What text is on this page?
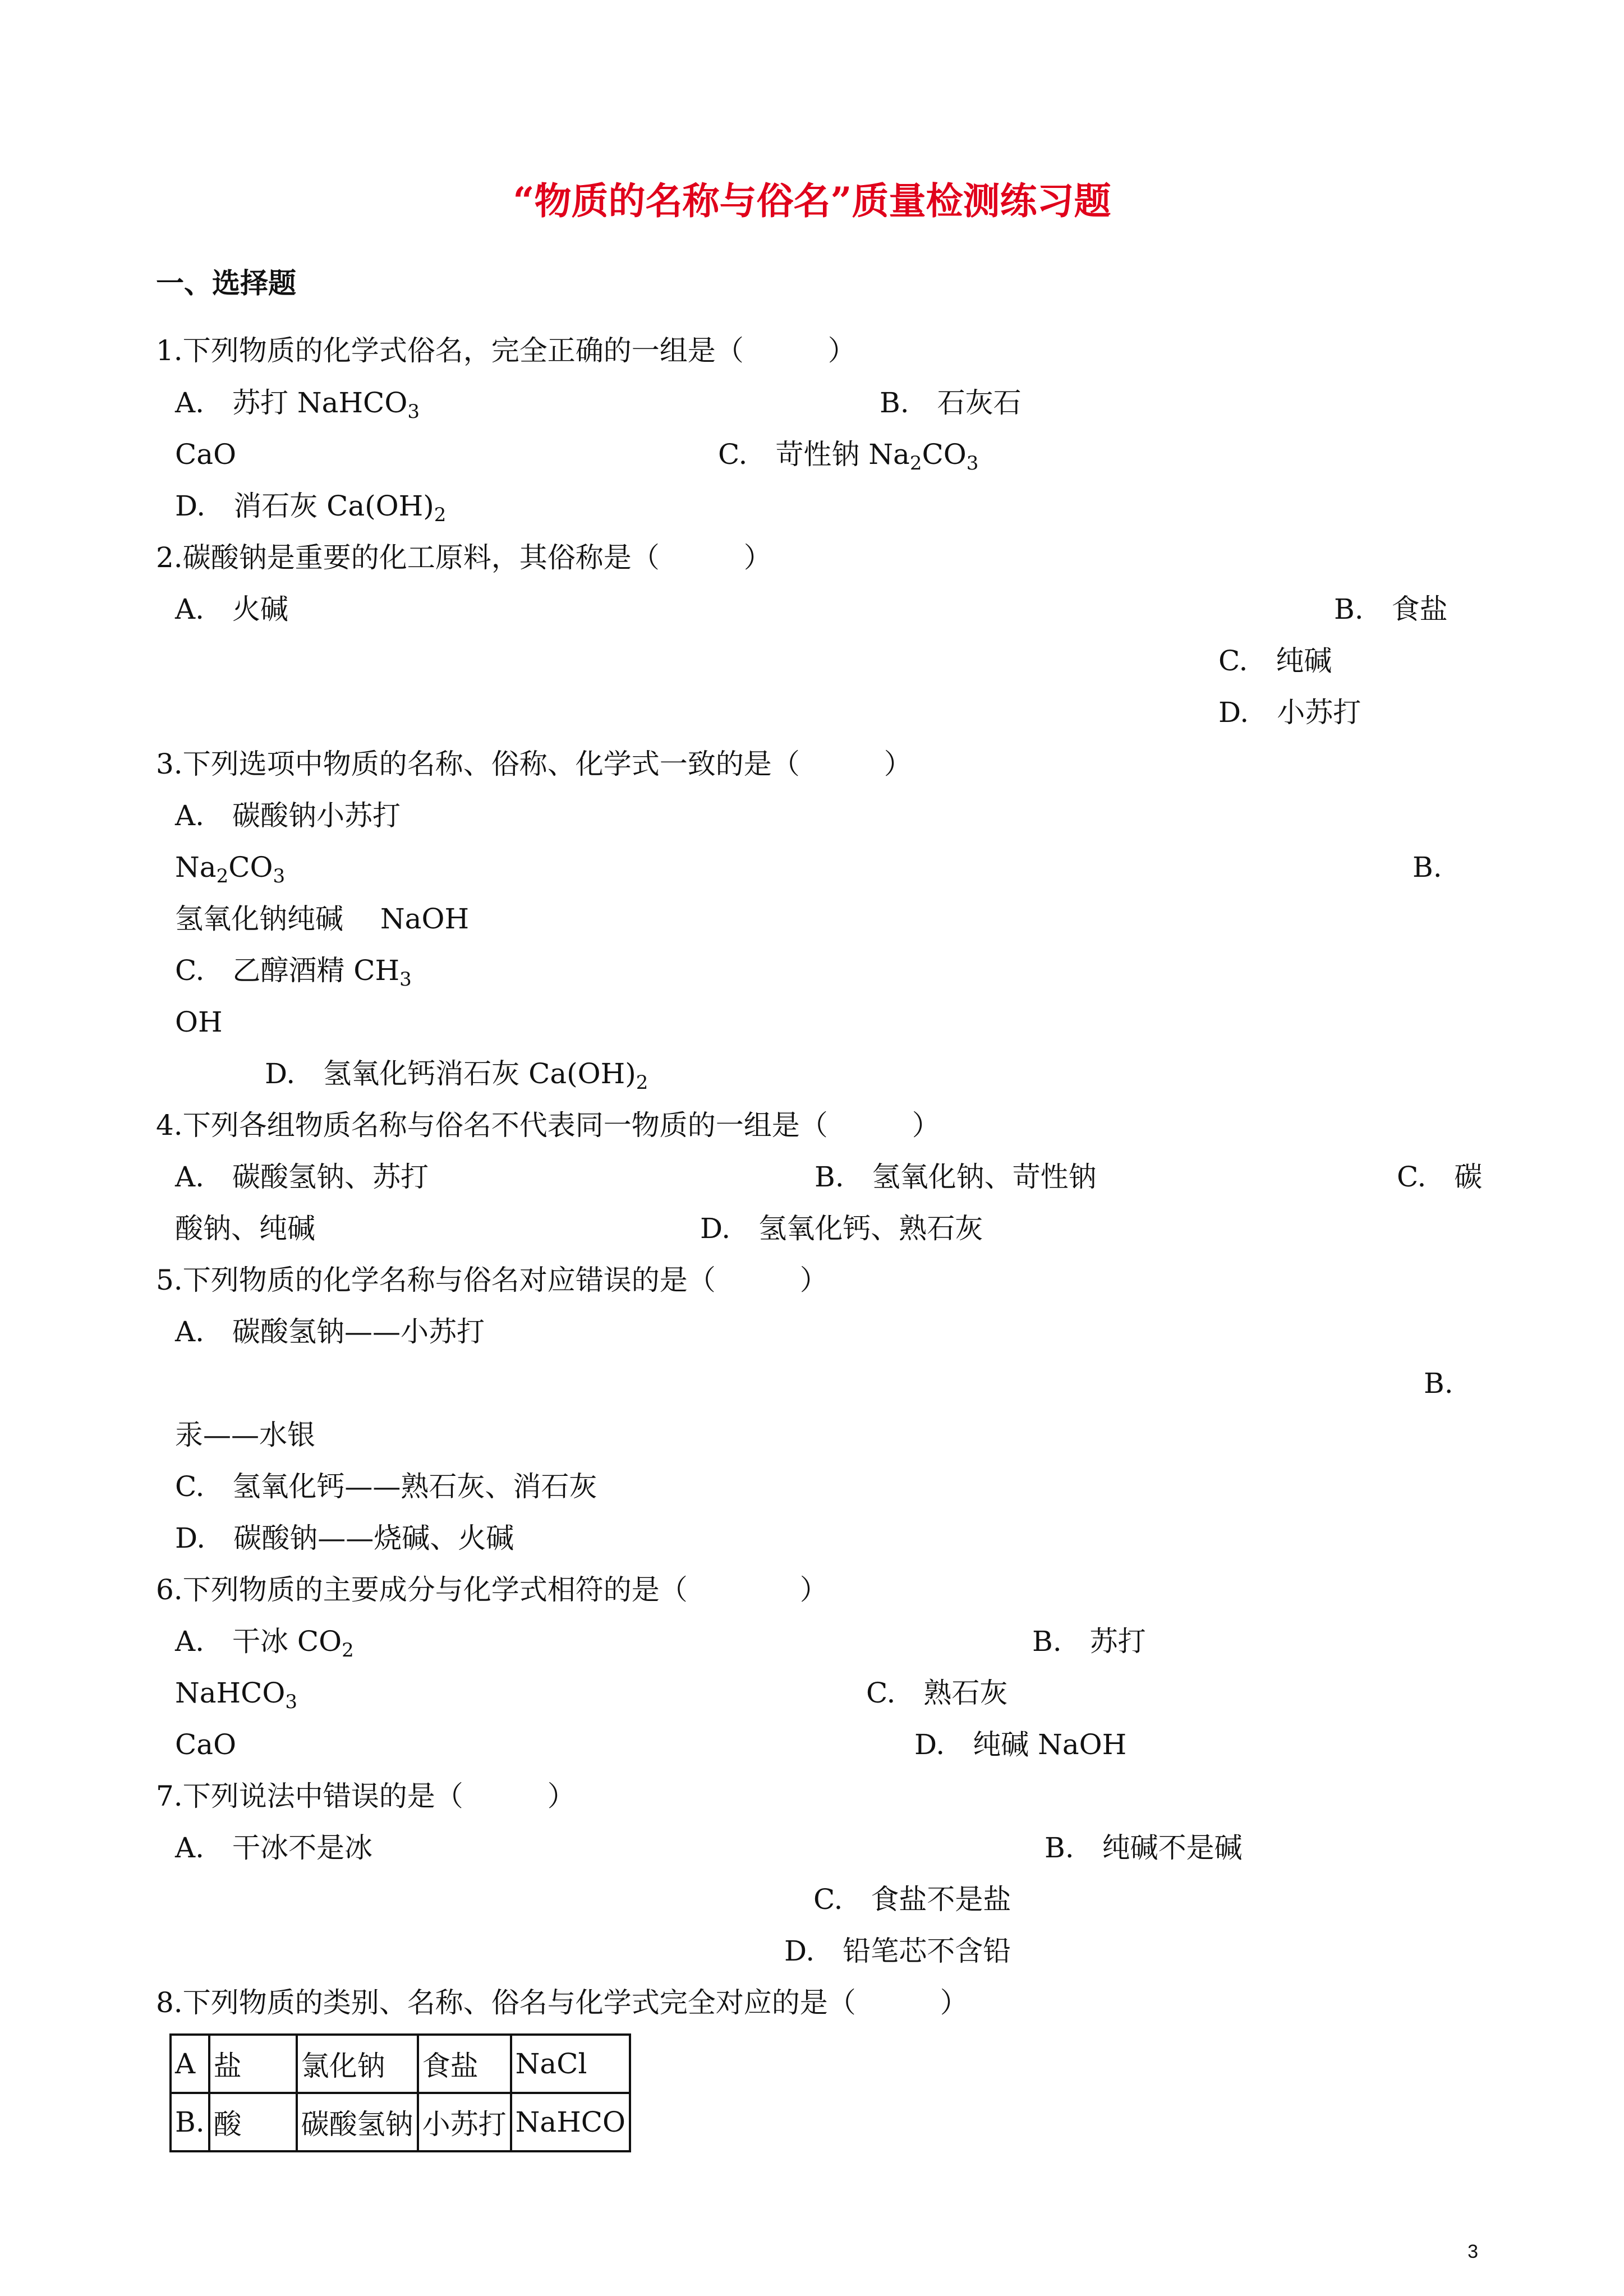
“物质的名称与俗名”质量检测练习题
一、选择题
1.下列物质的化学式俗名，完全正确的一组是（　　　）
A.　苏打 NaHCO$_3$	B.　石灰石
CaO	C.　苛性钠 $Na_2CO_3$
D.　消石灰 $Ca(OH)_2$
2.碳酸钠是重要的化工原料，其俗称是（　　　）
A.　火碱	B.　食盐
C.　纯碱
D.　小苏打
3.下列选项中物质的名称、俗称、化学式一致的是（　　　）
A.　碳酸钠小苏打
$Na_2CO_3$	B.
氢氧化钠纯碱　 NaOH
C.　乙醇酒精 $CH_3$
OH
D.　氢氧化钙消石灰 $Ca(OH)_2$
4.下列各组物质名称与俗名不代表同一物质的一组是（　　　）
A.　碳酸氢钠、苏打	B.　氢氧化钠、苛性钠	C.　碳
酸钠、纯碱	D.　氢氧化钙、熟石灰
5.下列物质的化学名称与俗名对应错误的是（　　　）
A.　碳酸氢钠——小苏打
B.
汞——水银
C.　氢氧化钙——熟石灰、消石灰
D.　碳酸钠——烧碱、火碱
6.下列物质的主要成分与化学式相符的是（　　　　）
A.　干冰 $CO_2$	B.　苏打
NaHCO$_3$	C.　熟石灰
CaO	D.　纯碱 NaOH
7.下列说法中错误的是（　　　）
A.　干冰不是冰	B.　纯碱不是碱
C.　食盐不是盐
D.　铅笔芯不含铅
8.下列物质的类别、名称、俗名与化学式完全对应的是（　　　）
A	盐	氯化钠	食盐	NaCl
B.	酸	碳酸氢钠	小苏打	NaHCO
3
